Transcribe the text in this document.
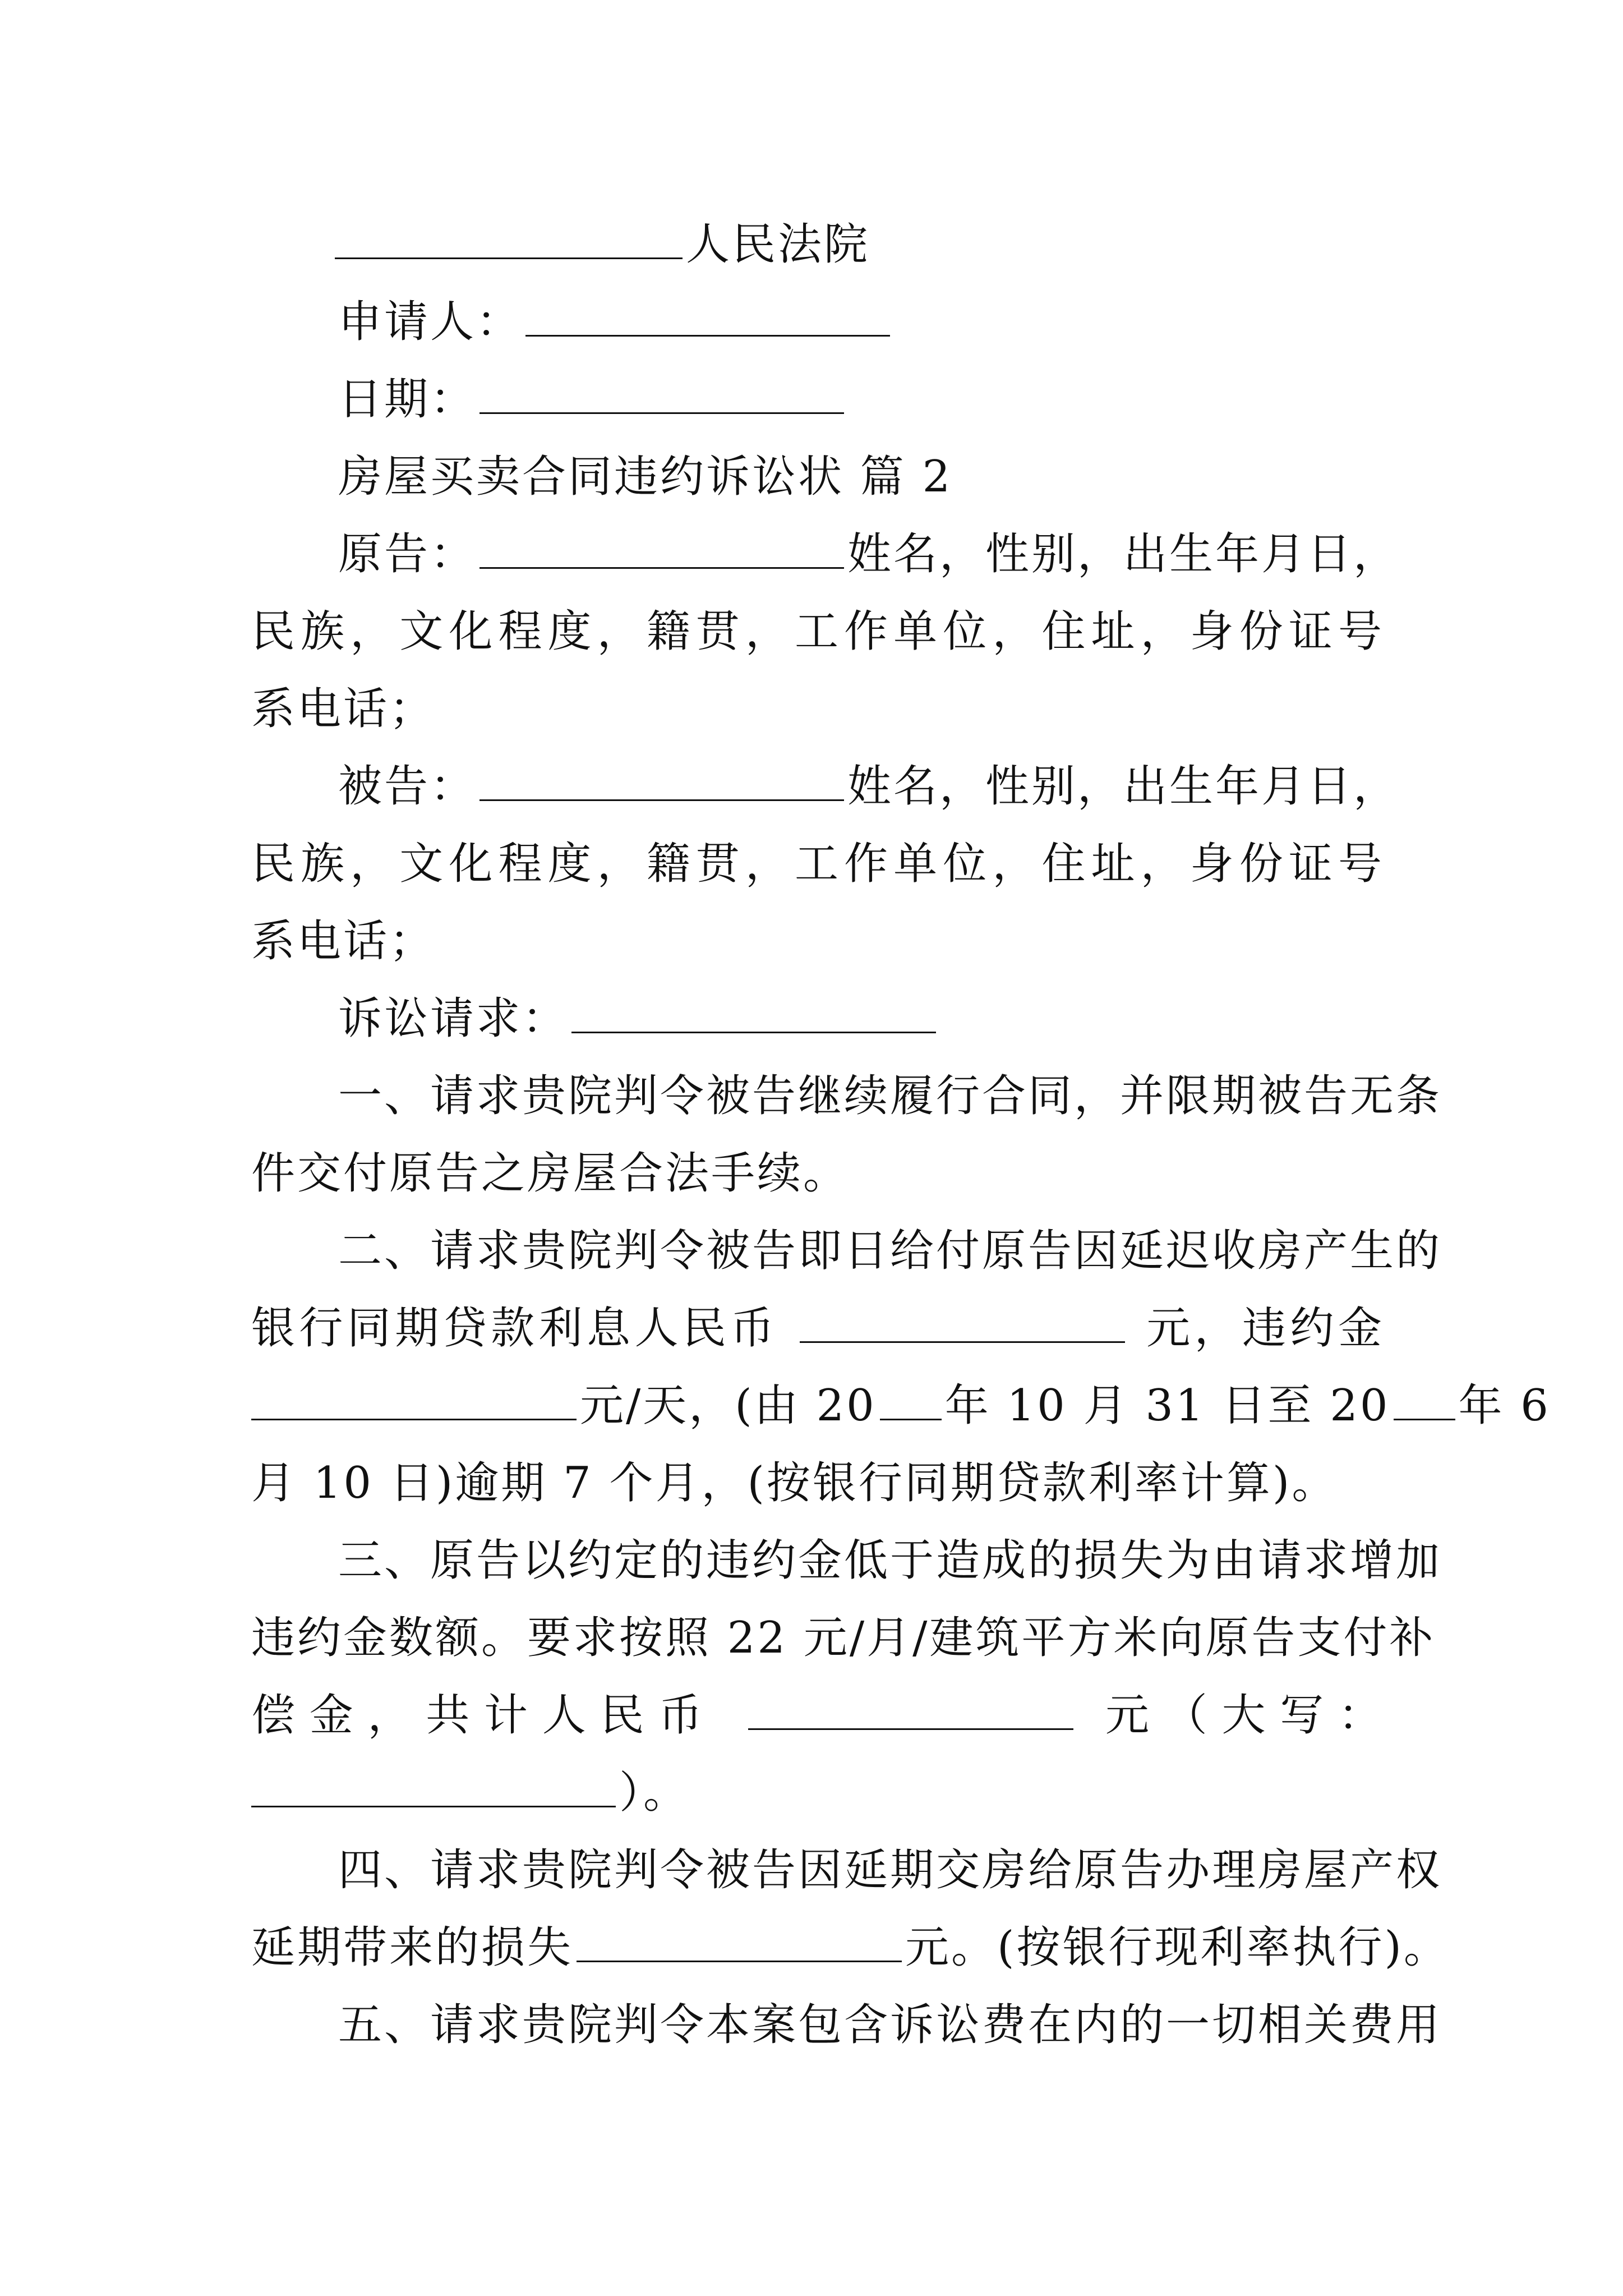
人民法院
申请人：
日期：
房屋买卖合同违约诉讼状 篇 2
原告：	姓名，性别，出生年月日，
民族，文化程度，籍贯，工作单位，住址，身份证号
系电话；
被告：	姓名，性别，出生年月日，
民族，文化程度，籍贯，工作单位，住址，身份证号
系电话；
诉讼请求：
一、请求贵院判令被告继续履行合同，并限期被告无条
件交付原告之房屋合法手续。
二、请求贵院判令被告即日给付原告因延迟收房产生的
银行同期贷款利息人民币	元，违约金
元/天，(由 20 年 10 月 31 日至 20 年 6
月 10 日)逾期 7 个月，(按银行同期贷款利率计算)。
三、原告以约定的违约金低于造成的损失为由请求增加
违约金数额。要求按照 22 元/月/建筑平方米向原告支付补
偿金，共计人民币	元（大写：
）。
四、请求贵院判令被告因延期交房给原告办理房屋产权
延期带来的损失	元。(按银行现利率执行)。
五、请求贵院判令本案包含诉讼费在内的一切相关费用
